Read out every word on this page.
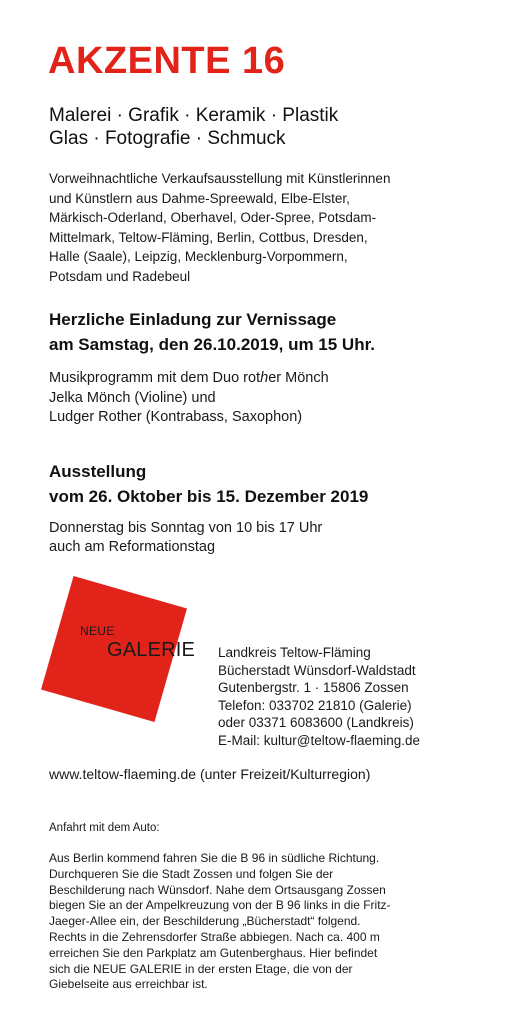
AKZENTE 16
Malerei · Grafik · Keramik · Plastik
Glas · Fotografie · Schmuck
Vorweihnachtliche Verkaufsausstellung mit Künstlerinnen
und Künstlern aus Dahme-Spreewald, Elbe-Elster,
Märkisch-Oderland, Oberhavel, Oder-Spree, Potsdam-
Mittelmark, Teltow-Fläming, Berlin, Cottbus, Dresden,
Halle (Saale), Leipzig, Mecklenburg-Vorpommern,
Potsdam und Radebeul
Herzliche Einladung zur Vernissage
am Samstag, den 26.10.2019, um 15 Uhr.
Musikprogramm mit dem Duo rother Mönch
Jelka Mönch (Violine) und
Ludger Rother (Kontrabass, Saxophon)
Ausstellung
vom 26. Oktober bis 15. Dezember 2019
Donnerstag bis Sonntag von 10 bis 17 Uhr
auch am Reformationstag
NEUE
GALERIE Landkreis Teltow-Fläming
Bücherstadt Wünsdorf-Waldstadt
Gutenbergstr. 1 · 15806 Zossen
Telefon: 033702 21810 (Galerie)
oder 03371 6083600 (Landkreis)
E-Mail: kultur@teltow-flaeming.de
www.teltow-flaeming.de (unter Freizeit/Kulturregion)
Anfahrt mit dem Auto:
Aus Berlin kommend fahren Sie die B 96 in südliche Richtung.
Durchqueren Sie die Stadt Zossen und folgen Sie der
Beschilderung nach Wünsdorf. Nahe dem Ortsausgang Zossen
biegen Sie an der Ampelkreuzung von der B 96 links in die Fritz-
Jaeger-Allee ein, der Beschilderung „Bücherstadt“ folgend.
Rechts in die Zehrensdorfer Straße abbiegen. Nach ca. 400 m
erreichen Sie den Parkplatz am Gutenberghaus. Hier befindet
sich die NEUE GALERIE in der ersten Etage, die von der
Giebelseite aus erreichbar ist.
